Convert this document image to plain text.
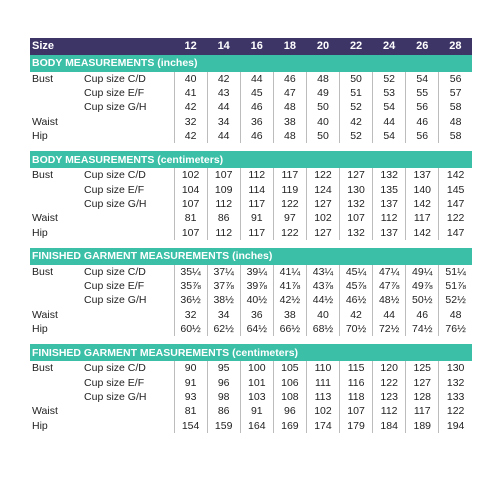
Size		12	14	16	18	20	22	24	26	28
BODY MEASUREMENTS (inches)										
Bust	Cup size C/D	40	42	44	46	48	50	52	54	56
	Cup size E/F	41	43	45	47	49	51	53	55	57
	Cup size G/H	42	44	46	48	50	52	54	56	58
Waist		32	34	36	38	40	42	44	46	48
Hip		42	44	46	48	50	52	54	56	58

BODY MEASUREMENTS (centimeters)										
Bust	Cup size C/D	102	107	112	117	122	127	132	137	142
	Cup size E/F	104	109	114	119	124	130	135	140	145
	Cup size G/H	107	112	117	122	127	132	137	142	147
Waist		81	86	91	97	102	107	112	117	122
Hip		107	112	117	122	127	132	137	142	147

FINISHED GARMENT MEASUREMENTS (inches)										
Bust	Cup size C/D	35¼	37¼	39¼	41¼	43¼	45¼	47¼	49¼	51¼
	Cup size E/F	35⅞	37⅞	39⅞	41⅞	43⅞	45⅞	47⅞	49⅞	51⅞
	Cup size G/H	36½	38½	40½	42½	44½	46½	48½	50½	52½
Waist		32	34	36	38	40	42	44	46	48
Hip		60½	62½	64½	66½	68½	70½	72½	74½	76½

FINISHED GARMENT MEASUREMENTS (centimeters)										
Bust	Cup size C/D	90	95	100	105	110	115	120	125	130
	Cup size E/F	91	96	101	106	111	116	122	127	132
	Cup size G/H	93	98	103	108	113	118	123	128	133
Waist		81	86	91	96	102	107	112	117	122
Hip		154	159	164	169	174	179	184	189	194
